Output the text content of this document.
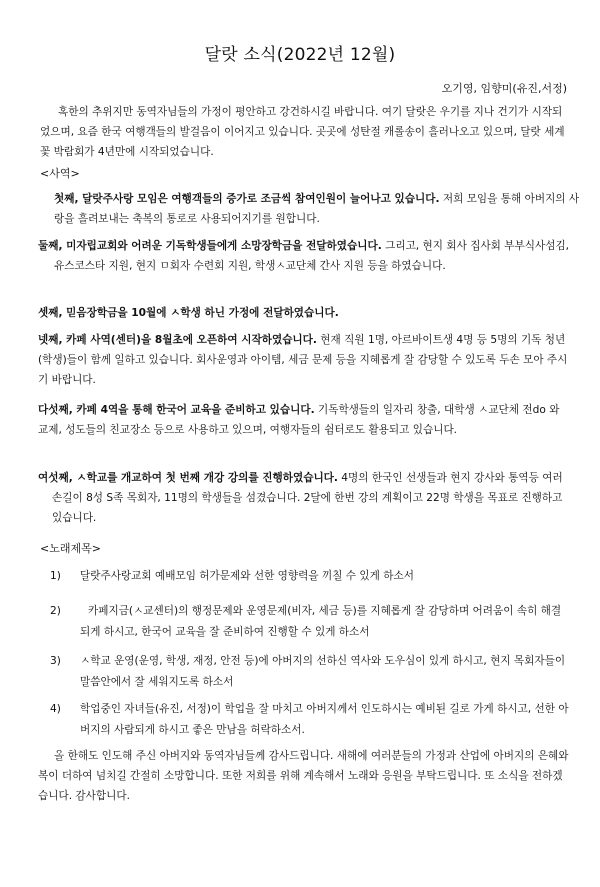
달랏 소식(2022년 12월)
오기영, 임향미(유진,서정)
혹한의 추위지만 동역자님들의 가정이 평안하고 강건하시길 바랍니다. 여기 달랏은 우기를 지나 건기가 시작되었으며, 요즘 한국 여행객들의 발걸음이 이어지고 있습니다. 곳곳에 성탄절 캐롤송이 흘러나오고 있으며, 달랏 세계 꽃 박람회가 4년만에 시작되었습니다.
<사역>
첫째, 달랏주사랑 모임은 여행객들의 증가로 조금씩 참여인원이 늘어나고 있습니다. 저희 모임을 통해 아버지의 사랑을 흘려보내는 축복의 통로로 사용되어지기를 원합니다.
둘째, 미자립교회와 어려운 기독학생들에게 소망장학금을 전달하였습니다. 그리고, 현지 회사 집사회 부부식사섬김, 유스코스타 지원, 현지 ㅁ회자 수련회 지원, 학생ㅅ교단체 간사 지원 등을 하였습니다.
셋째, 믿음장학금을 10월에 ㅅ학생 하닌 가정에 전달하였습니다.
넷째, 카페 사역(센터)을 8월초에 오픈하여 시작하였습니다. 현재 직원 1명, 아르바이트생 4명 등 5명의 기독 청년(학생)들이 함께 일하고 있습니다. 회사운영과 아이템, 세금 문제 등을 지혜롭게 잘 감당할 수 있도록 두손 모아 주시기 바랍니다.
다섯째, 카페 4역을 통해 한국어 교육을 준비하고 있습니다. 기독학생들의 일자리 창출, 대학생 ㅅ교단체 전do 와 교제, 성도들의 친교장소 등으로 사용하고 있으며, 여행자들의 쉼터로도 활용되고 있습니다.
여섯째, ㅅ학교를 개교하여 첫 번째 개강 강의를 진행하였습니다. 4명의 한국인 선생들과 현지 강사와 통역등 여러 손길이 8성 S족 목회자, 11명의 학생들을 섬겼습니다. 2달에 한번 강의 계획이고 22명 학생을 목표로 진행하고 있습니다.
<노래제목>
1) 달랏주사랑교회 예배모임 허가문제와 선한 영향력을 끼칠 수 있게 하소서
2)	카페지금(ㅅ교센터)의 행정문제와 운영문제(비자, 세금 등)를 지혜롭게 잘 감당하며 어려움이 속히 해결되게 하시고, 한국어 교육을 잘 준비하여 진행할 수 있게 하소서
3) ㅅ학교 운영(운영, 학생, 재정, 안전 등)에 아버지의 선하신 역사와 도우심이 있게 하시고, 현지 목회자들이 말씀안에서 잘 세워지도록 하소서
4) 학업중인 자녀들(유진, 서정)이 학업을 잘 마치고 아버지께서 인도하시는 예비된 길로 가게 하시고, 선한 아버지의 사람되게 하시고 좋은 만남을 허락하소서.
올 한해도 인도해 주신 아버지와 동역자님들께 감사드립니다. 새해에 여러분들의 가정과 산업에 아버지의 은혜와 복이 더하여 넘치길 간절히 소망합니다. 또한 저희를 위해 계속해서 노래와 응원을 부탁드립니다. 또 소식을 전하겠습니다. 감사합니다.
